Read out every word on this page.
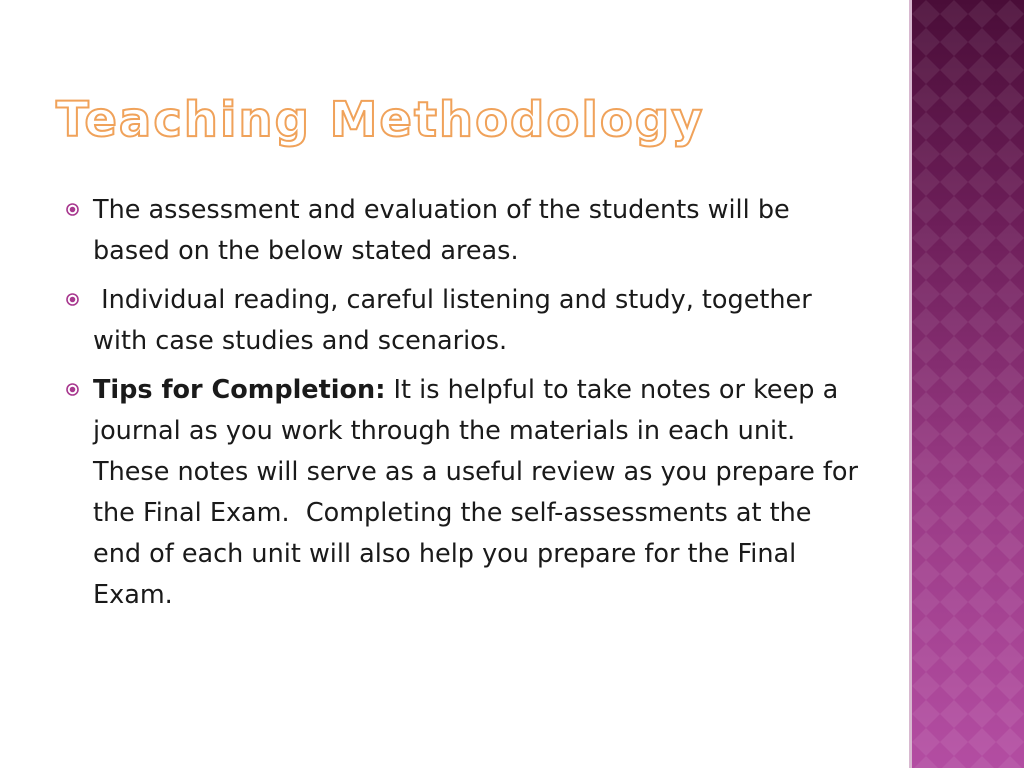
Teaching Methodology
The assessment and evaluation of the students will be based on the below stated areas.
Individual reading, careful listening and study, together with case studies and scenarios.
Tips for Completion: It is helpful to take notes or keep a journal as you work through the materials in each unit.  These notes will serve as a useful review as you prepare for the Final Exam.  Completing the self-assessments at the end of each unit will also help you prepare for the Final Exam.
